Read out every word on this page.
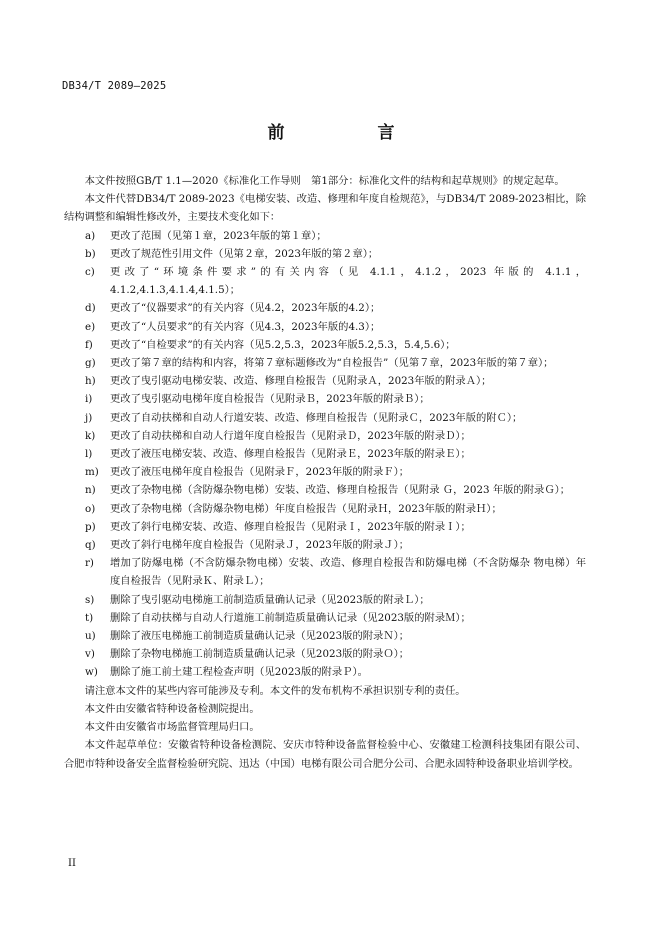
DB34/T 2089—2025
前　言

本文件按照GB/T 1.1—2020《标准化工作导则　第1部分：标准化文件的结构和起草规则》的规定起草。

本文件代替DB34/T 2089-2023《电梯安装、改造、修理和年度自检规范》，与DB34/T 2089-2023相比，除结构调整和编辑性修改外，主要技术变化如下：

a)	更改了范围（见第１章，2023年版的第１章）；
b)	更改了规范性引用文件（见第２章，2023年版的第２章）；
c)	更改了“环境条件要求”的有关内容（见 4.1.1，4.1.2，2023 年版的 4.1.1，4.1.2,4.1.3,4.1.4,4.1.5）；
d)	更改了“仪器要求”的有关内容（见4.2，2023年版的4.2）；
e)	更改了“人员要求”的有关内容（见4.3，2023年版的4.3）；
f)	更改了“自检要求”的有关内容（见5.2,5.3，2023年版5.2,5.3，5.4,5.6）；
g)	更改了第７章的结构和内容，将第７章标题修改为“自检报告”（见第７章，2023年版的第７章）；
h)	更改了曳引驱动电梯安装、改造、修理自检报告（见附录Ａ，2023年版的附录Ａ）；
i)	更改了曳引驱动电梯年度自检报告（见附录Ｂ，2023年版的附录Ｂ）；
j)	更改了自动扶梯和自动人行道安装、改造、修理自检报告（见附录Ｃ，2023年版的附Ｃ）；
k)	更改了自动扶梯和自动人行道年度自检报告（见附录Ｄ，2023年版的附录Ｄ）；
l)	更改了液压电梯安装、改造、修理自检报告（见附录Ｅ，2023年版的附录Ｅ）；
m)	更改了液压电梯年度自检报告（见附录Ｆ，2023年版的附录Ｆ）；
n)	更改了杂物电梯（含防爆杂物电梯）安装、改造、修理自检报告（见附录 Ｇ，2023 年版的附录Ｇ）；
o)	更改了杂物电梯（含防爆杂物电梯）年度自检报告（见附录Ｈ，2023年版的附录Ｈ）；
p)	更改了斜行电梯安装、改造、修理自检报告（见附录Ｉ，2023年版的附录Ｉ）；
q)	更改了斜行电梯年度自检报告（见附录Ｊ，2023年版的附录Ｊ）；
r)	增加了防爆电梯（不含防爆杂物电梯）安装、改造、修理自检报告和防爆电梯（不含防爆杂 物电梯）年度自检报告（见附录Ｋ、附录Ｌ）；
s)	删除了曳引驱动电梯施工前制造质量确认记录（见2023版的附录Ｌ）；
t)	删除了自动扶梯与自动人行道施工前制造质量确认记录（见2023版的附录Ｍ）；
u)	删除了液压电梯施工前制造质量确认记录（见2023版的附录Ｎ）；
v)	删除了杂物电梯施工前制造质量确认记录（见2023版的附录Ｏ）；
w)	删除了施工前土建工程检查声明（见2023版的附录Ｐ）。

请注意本文件的某些内容可能涉及专利。本文件的发布机构不承担识别专利的责任。

本文件由安徽省特种设备检测院提出。

本文件由安徽省市场监督管理局归口。

本文件起草单位：安徽省特种设备检测院、安庆市特种设备监督检验中心、安徽建工检测科技集团有限公司、合肥市特种设备安全监督检验研究院、迅达（中国）电梯有限公司合肥分公司、合肥永固特种设备职业培训学校。

II
